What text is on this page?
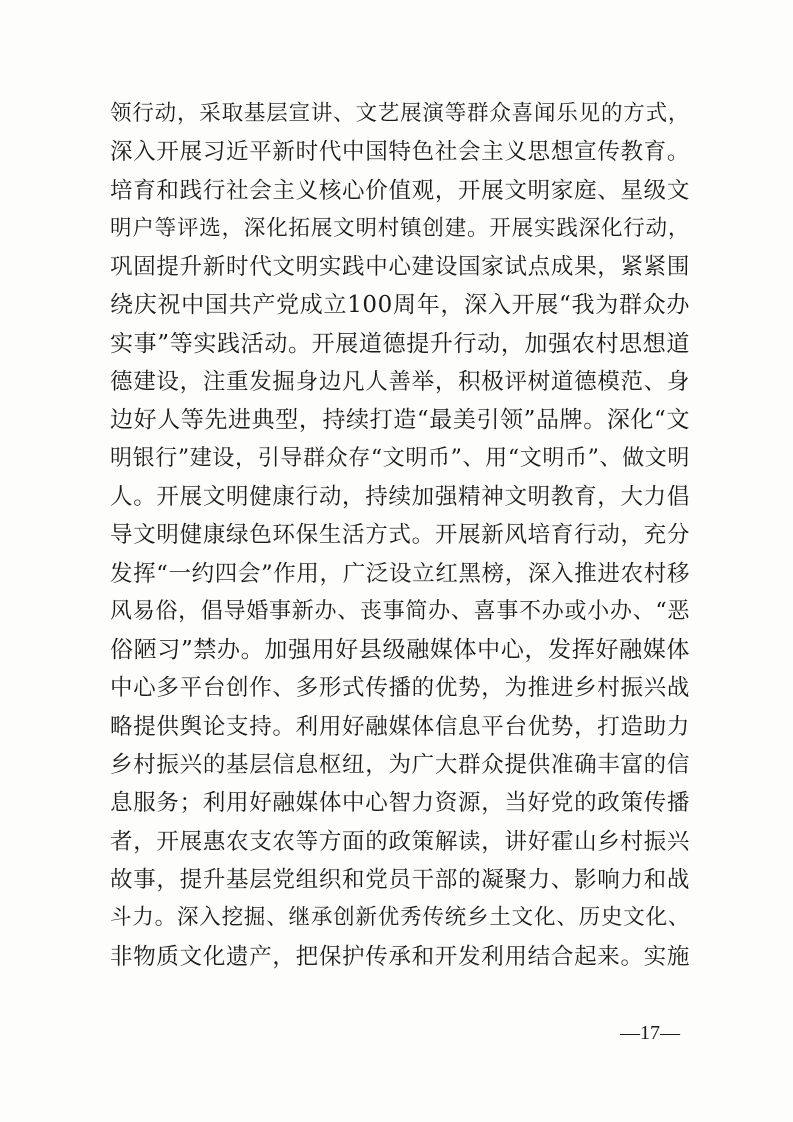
领行动，采取基层宣讲、文艺展演等群众喜闻乐见的方式，
深入开展习近平新时代中国特色社会主义思想宣传教育。
培育和践行社会主义核心价值观，开展文明家庭、星级文
明户等评选，深化拓展文明村镇创建。开展实践深化行动，
巩固提升新时代文明实践中心建设国家试点成果，紧紧围
绕庆祝中国共产党成立100周年，深入开展“我为群众办
实事”等实践活动。开展道德提升行动，加强农村思想道
德建设，注重发掘身边凡人善举，积极评树道德模范、身
边好人等先进典型，持续打造“最美引领”品牌。深化“文
明银行”建设，引导群众存“文明币”、用“文明币”、做文明
人。开展文明健康行动，持续加强精神文明教育，大力倡
导文明健康绿色环保生活方式。开展新风培育行动，充分
发挥“一约四会”作用，广泛设立红黑榜，深入推进农村移
风易俗，倡导婚事新办、丧事简办、喜事不办或小办、“恶
俗陋习”禁办。加强用好县级融媒体中心，发挥好融媒体
中心多平台创作、多形式传播的优势，为推进乡村振兴战
略提供舆论支持。利用好融媒体信息平台优势，打造助力
乡村振兴的基层信息枢纽，为广大群众提供准确丰富的信
息服务；利用好融媒体中心智力资源，当好党的政策传播
者，开展惠农支农等方面的政策解读，讲好霍山乡村振兴
故事，提升基层党组织和党员干部的凝聚力、影响力和战
斗力。深入挖掘、继承创新优秀传统乡土文化、历史文化、
非物质文化遗产，把保护传承和开发利用结合起来。实施
—17—
